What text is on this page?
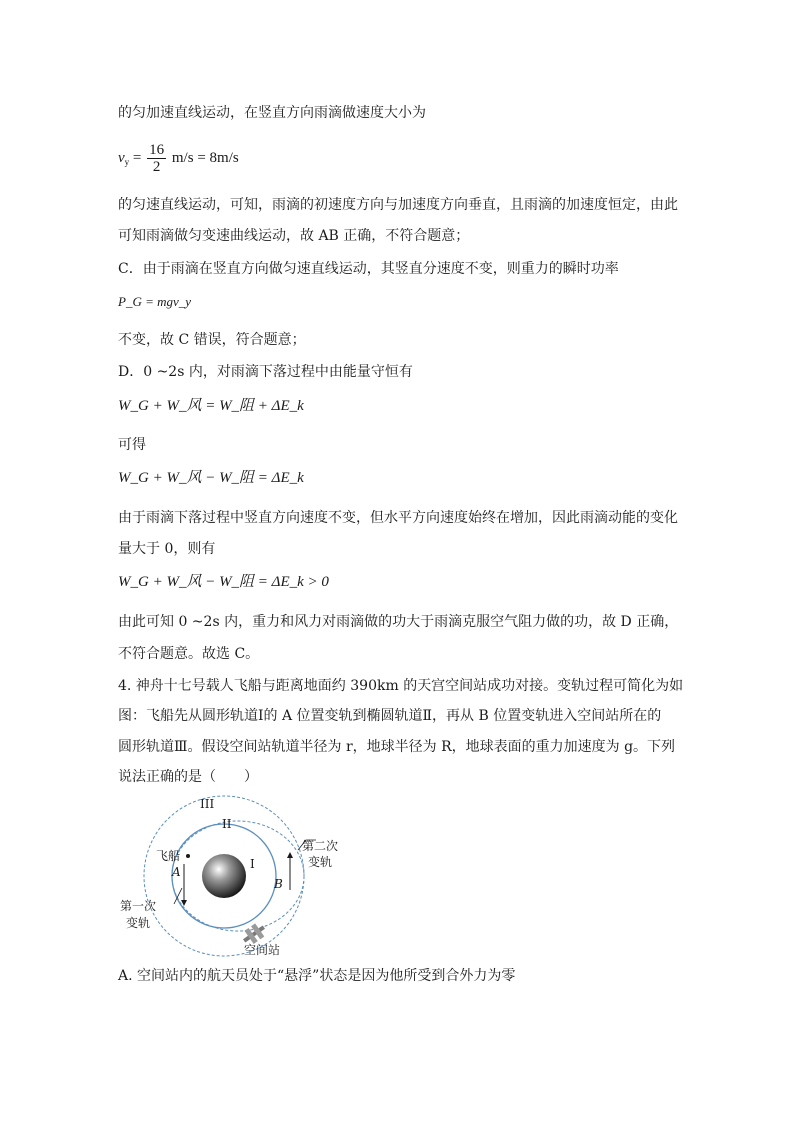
的匀加速直线运动，在竖直方向雨滴做速度大小为
$v_y = \frac{16}{2} m/s = 8m/s$
的匀速直线运动，可知，雨滴的初速度方向与加速度方向垂直，且雨滴的加速度恒定，由此
可知雨滴做匀变速曲线运动，故 AB 正确，不符合题意；
C．由于雨滴在竖直方向做匀速直线运动，其竖直分速度不变，则重力的瞬时功率
P_G = mgv_y
不变，故 C 错误，符合题意；
D．0 ~2s 内，对雨滴下落过程中由能量守恒有
W_G + W_风 = W_阻 + ΔE_k
可得
W_G + W_风 − W_阻 = ΔE_k
由于雨滴下落过程中竖直方向速度不变，但水平方向速度始终在增加，因此雨滴动能的变化
量大于 0，则有
W_G + W_风 − W_阻 = ΔE_k > 0
由此可知 0 ~2s 内，重力和风力对雨滴做的功大于雨滴克服空气阻力做的功，故 D 正确，
不符合题意。故选 C。
4. 神舟十七号载人飞船与距离地面约 390km 的天宫空间站成功对接。变轨过程可简化为如
图：飞船先从圆形轨道Ⅰ的 A 位置变轨到椭圆轨道Ⅱ，再从 B 位置变轨进入空间站所在的
圆形轨道Ⅲ。假设空间站轨道半径为 r，地球半径为 R，地球表面的重力加速度为 g。下列
说法正确的是（　　）
III
II
I
飞船
A
B
第二次
变轨
第一次
变轨
空间站
A. 空间站内的航天员处于“悬浮”状态是因为他所受到合外力为零
